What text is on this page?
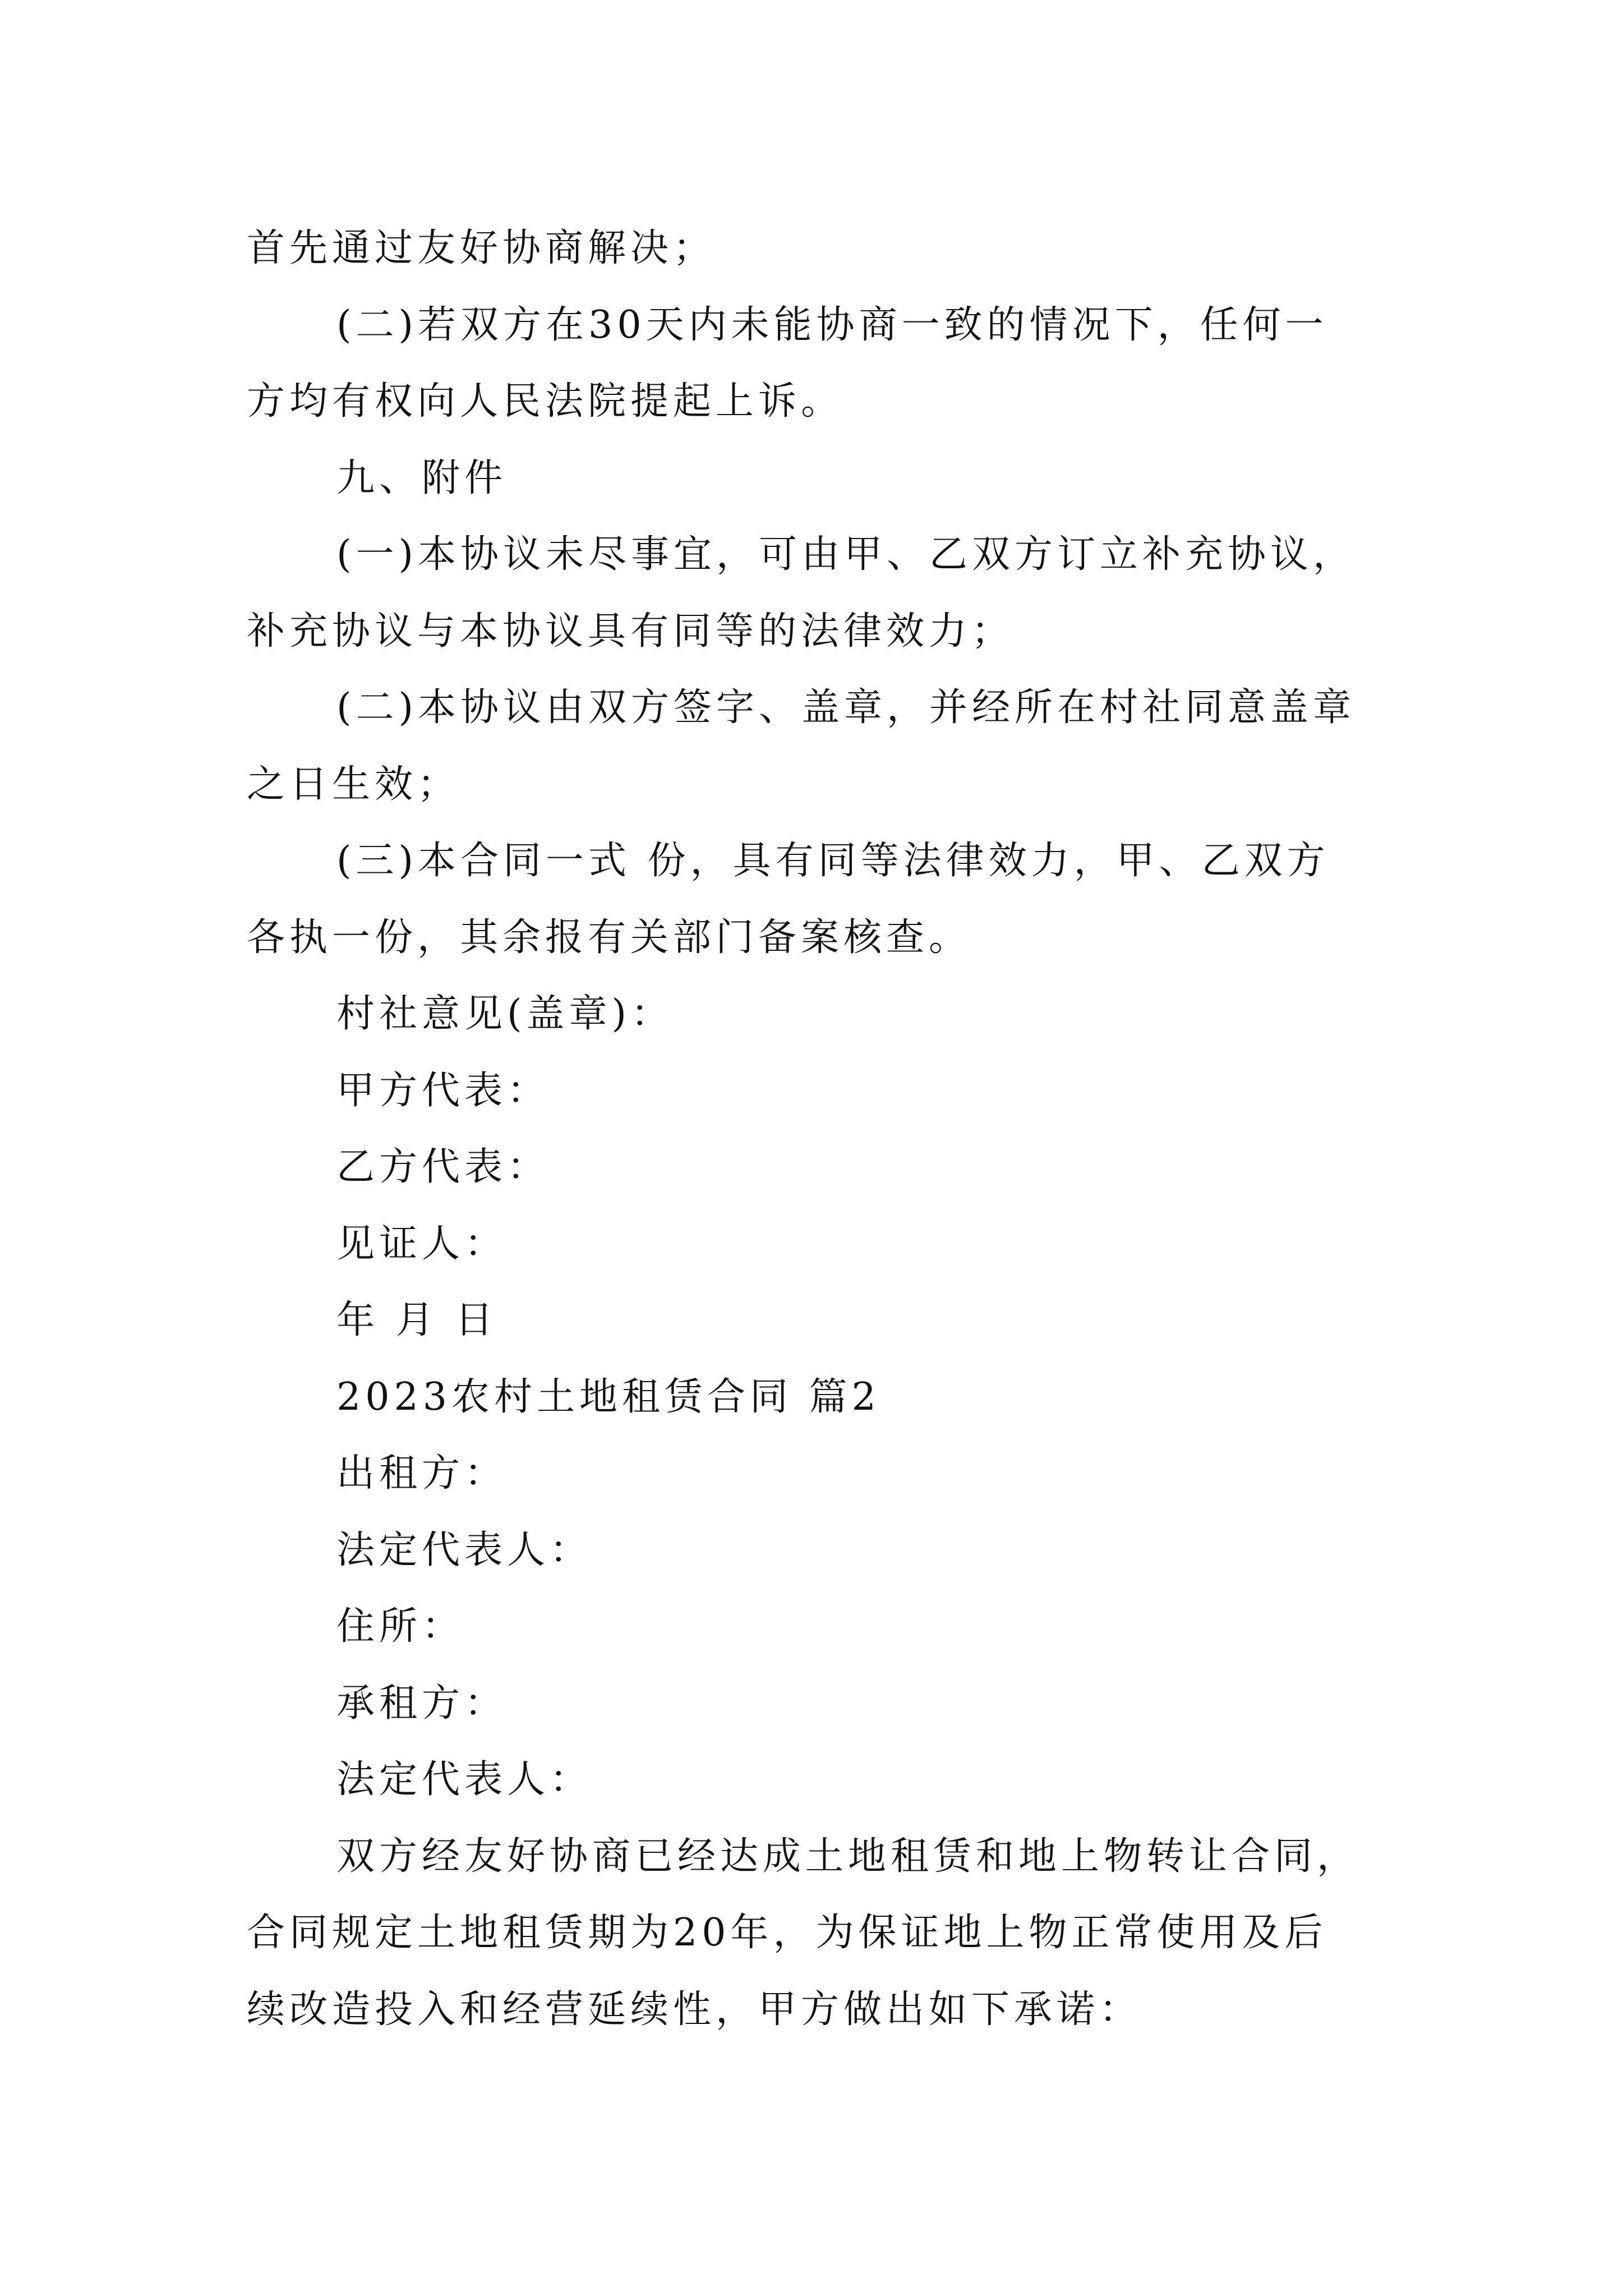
首先通过友好协商解决；
(二)若双方在30天内未能协商一致的情况下，任何一
方均有权向人民法院提起上诉。
九、附件
(一)本协议未尽事宜，可由甲、乙双方订立补充协议，
补充协议与本协议具有同等的法律效力；
(二)本协议由双方签字、盖章，并经所在村社同意盖章
之日生效；
(三)本合同一式 份，具有同等法律效力，甲、乙双方
各执一份，其余报有关部门备案核查。
村社意见(盖章)：
甲方代表：
乙方代表：
见证人：
年 月 日
2023农村土地租赁合同 篇2
出租方：
法定代表人：
住所：
承租方：
法定代表人：
双方经友好协商已经达成土地租赁和地上物转让合同，
合同规定土地租赁期为20年，为保证地上物正常使用及后
续改造投入和经营延续性，甲方做出如下承诺：
